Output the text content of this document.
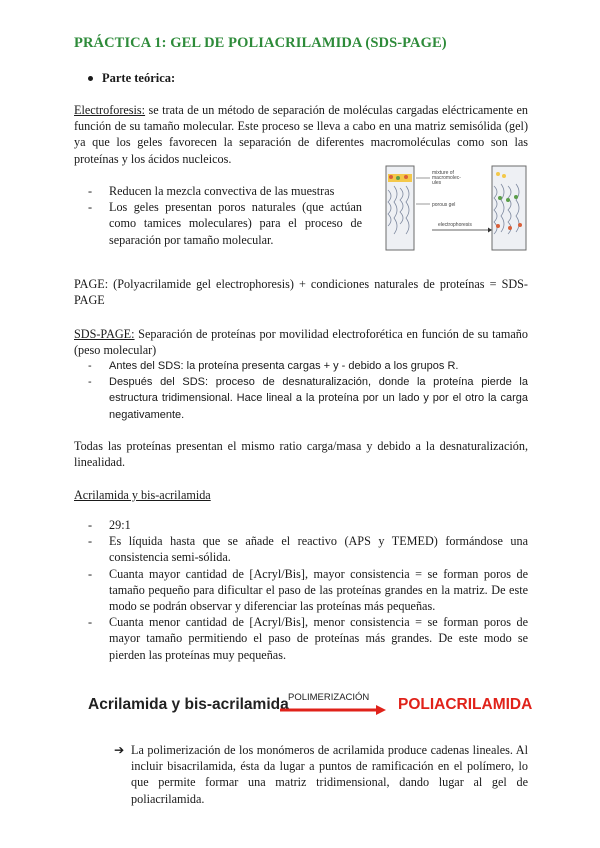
PRÁCTICA 1: GEL DE POLIACRILAMIDA (SDS-PAGE)
Parte teórica:
Electroforesis: se trata de un método de separación de moléculas cargadas eléctricamente en función de su tamaño molecular. Este proceso se lleva a cabo en una matriz semisólida (gel) ya que los geles favorecen la separación de diferentes macromoléculas como son las proteínas y los ácidos nucleicos.
- Reducen la mezcla convectiva de las muestras
- Los geles presentan poros naturales (que actúan como tamices moleculares) para el proceso de separación por tamaño molecular.
mixture of macromolec-ules
porous gel
electrophoresis
PAGE: (Polyacrilamide gel electrophoresis) + condiciones naturales de proteínas = SDS-PAGE
SDS-PAGE: Separación de proteínas por movilidad electroforética en función de su tamaño (peso molecular)
- Antes del SDS: la proteína presenta cargas + y - debido a los grupos R.
- Después del SDS: proceso de desnaturalización, donde la proteína pierde la estructura tridimensional. Hace lineal a la proteína por un lado y por el otro la carga negativamente.
Todas las proteínas presentan el mismo ratio carga/masa y debido a la desnaturalización, linealidad.
Acrilamida y bis-acrilamida
- 29:1
- Es líquida hasta que se añade el reactivo (APS y TEMED) formándose una consistencia semi-sólida.
- Cuanta mayor cantidad de [Acryl/Bis], mayor consistencia = se forman poros de tamaño pequeño para dificultar el paso de las proteínas grandes en la matriz. De este modo se podrán observar y diferenciar las proteínas más pequeñas.
- Cuanta menor cantidad de [Acryl/Bis], menor consistencia = se forman poros de mayor tamaño permitiendo el paso de proteínas más grandes. De este modo se pierden las proteínas muy pequeñas.
Acrilamida y bis-acrilamida POLIMERIZACIÓN POLIACRILAMIDA
➔ La polimerización de los monómeros de acrilamida produce cadenas lineales. Al incluir bisacrilamida, ésta da lugar a puntos de ramificación en el polímero, lo que permite formar una matriz tridimensional, dando lugar al gel de poliacrilamida.
